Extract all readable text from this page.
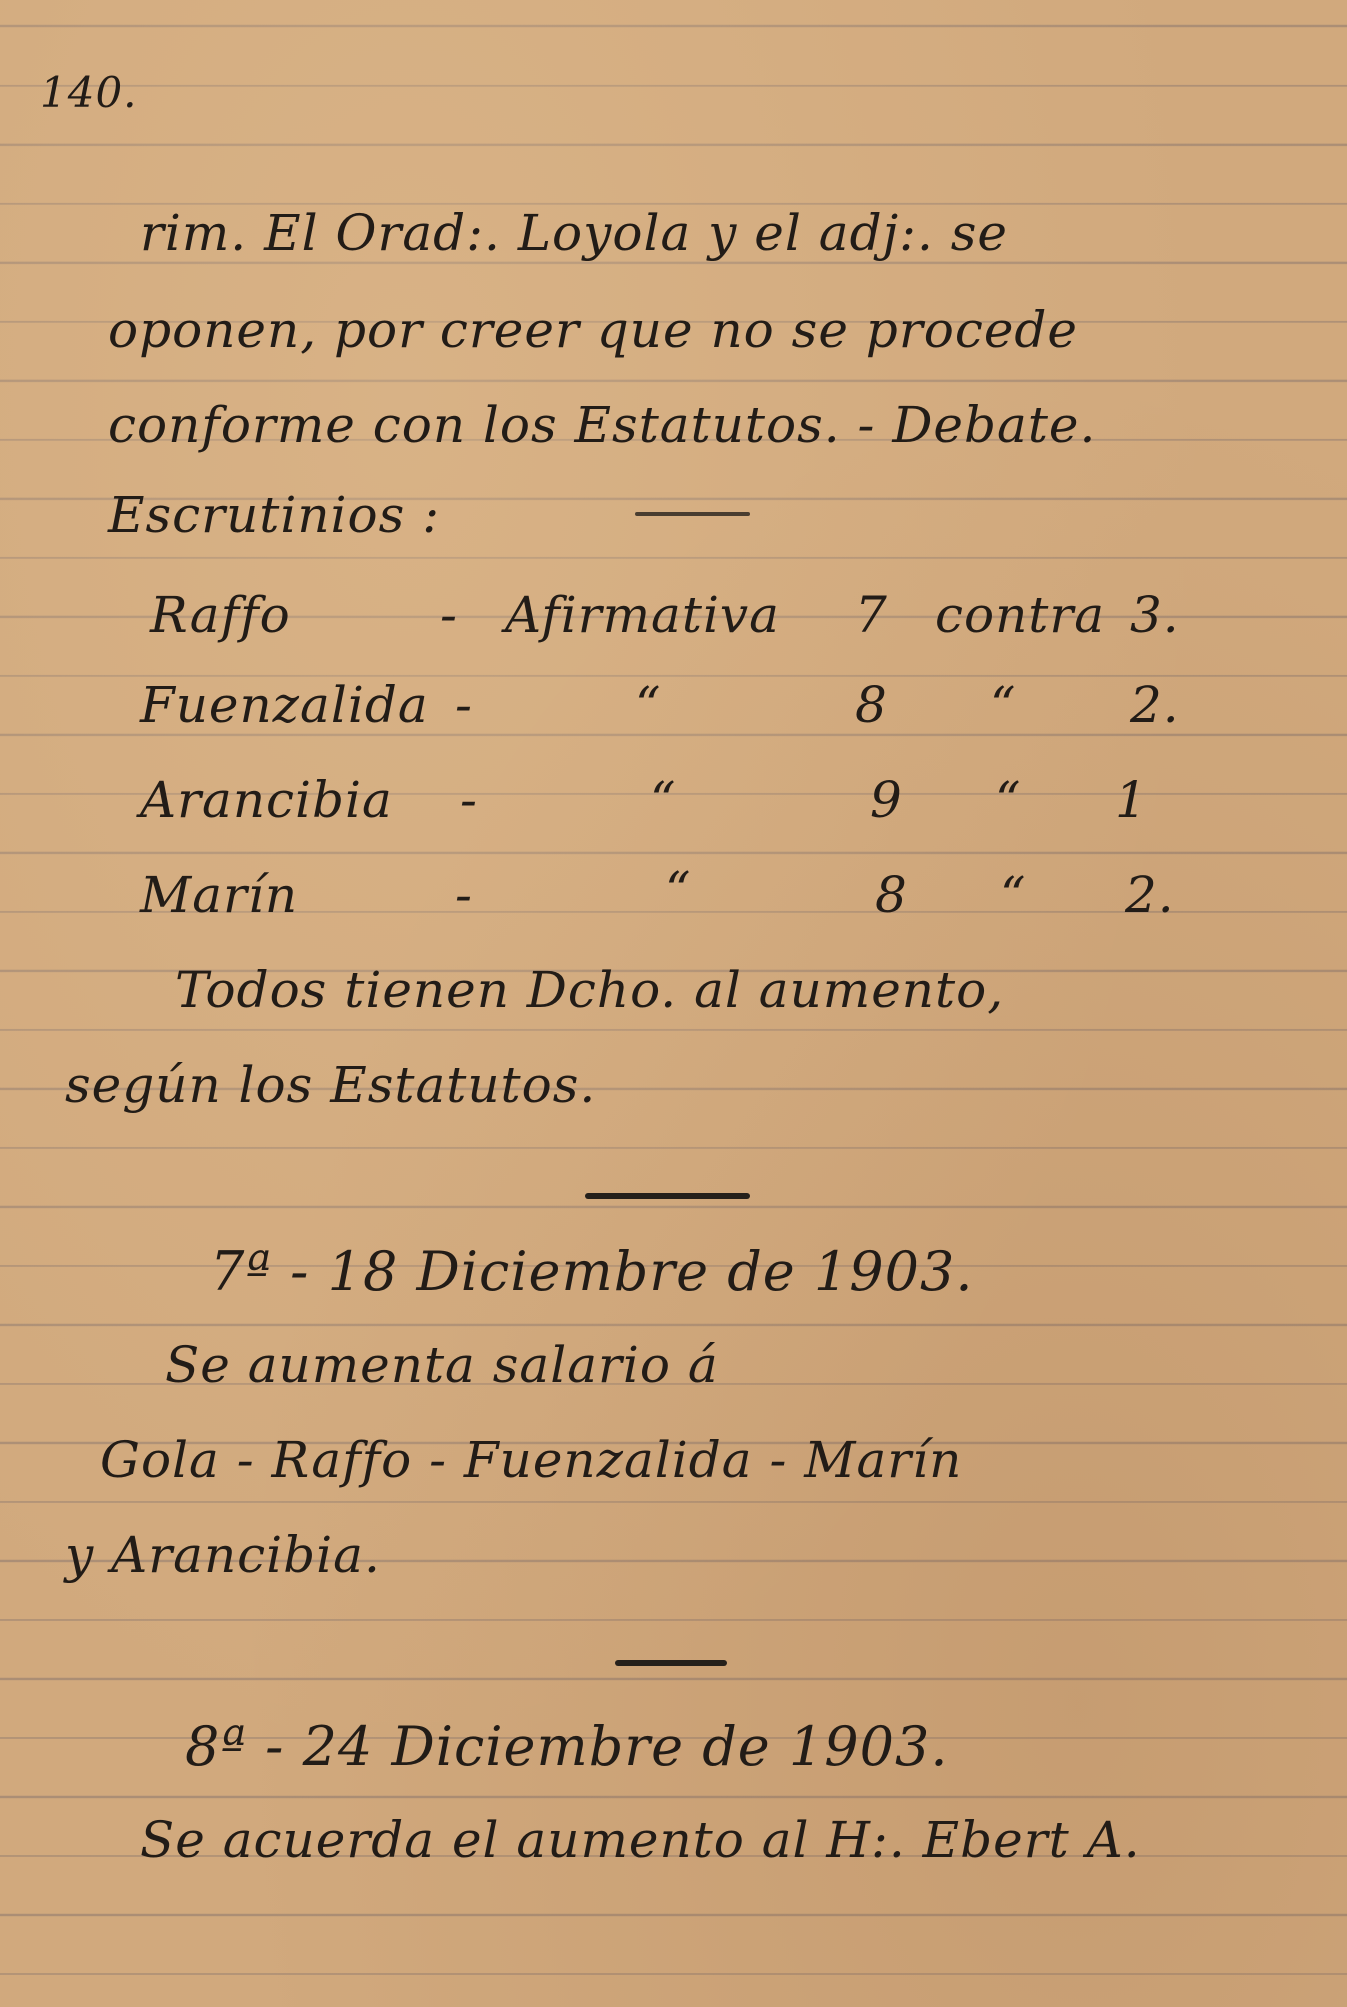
140.
rim. El Orad:. Loyola y el adj:. se
oponen, por creer que no se procede
conforme con los Estatutos. - Debate.
Escrutinios :
Raffo	- Afirmativa 7 contra 3.
Fuenzalida -	“	8 “ 2.
Arancibia -	“	9 “ 1
Marín	-	“	8 “ 2.
Todos tienen Dcho. al aumento,
según los Estatutos.
7ª - 18 Diciembre de 1903.
Se aumenta salario á
Gola - Raffo - Fuenzalida - Marín
y Arancibia.
8ª - 24 Diciembre de 1903.
Se acuerda el aumento al H:. Ebert A.
